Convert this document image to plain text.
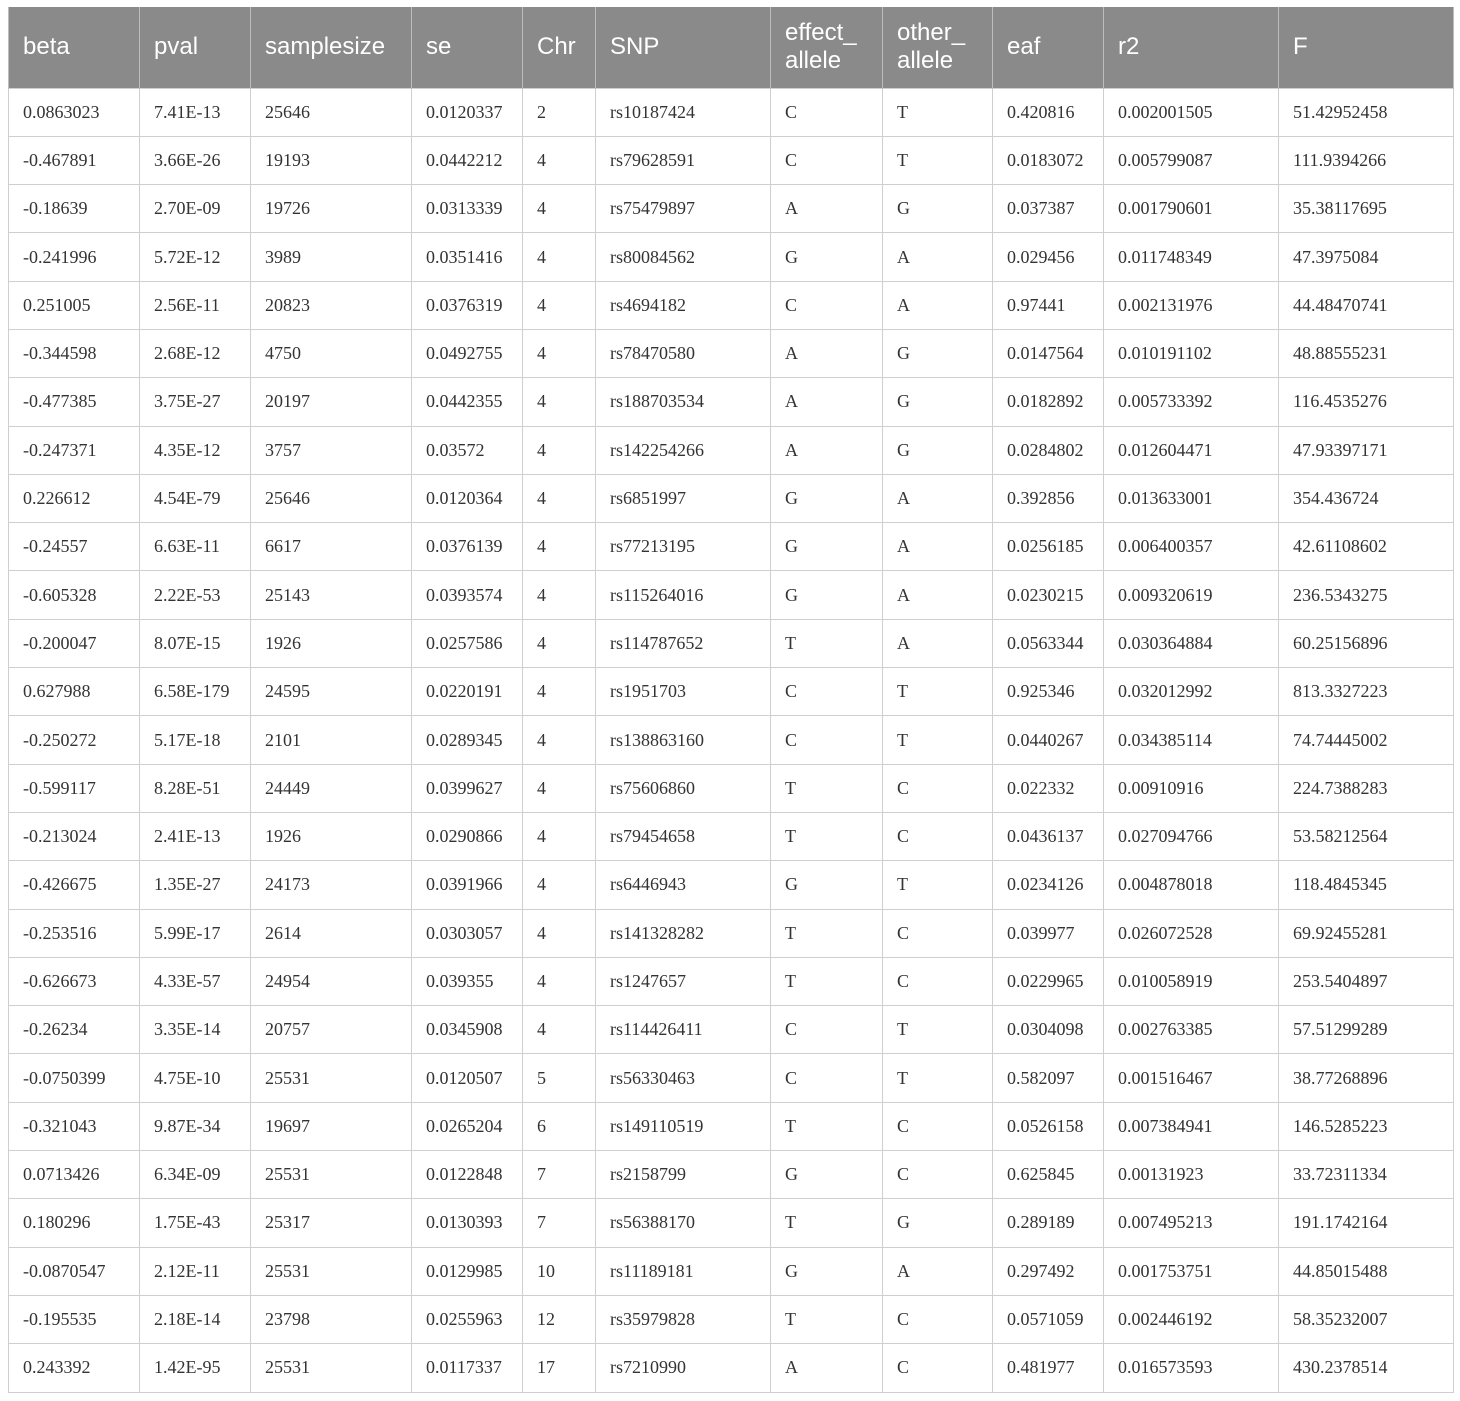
beta	pval	samplesize	se	Chr	SNP	effect_
allele	other_
allele	eaf	r2	F
0.0863023	7.41E-13	25646	0.0120337	2	rs10187424	C	T	0.420816	0.002001505	51.42952458
-0.467891	3.66E-26	19193	0.0442212	4	rs79628591	C	T	0.0183072	0.005799087	111.9394266
-0.18639	2.70E-09	19726	0.0313339	4	rs75479897	A	G	0.037387	0.001790601	35.38117695
-0.241996	5.72E-12	3989	0.0351416	4	rs80084562	G	A	0.029456	0.011748349	47.3975084
0.251005	2.56E-11	20823	0.0376319	4	rs4694182	C	A	0.97441	0.002131976	44.48470741
-0.344598	2.68E-12	4750	0.0492755	4	rs78470580	A	G	0.0147564	0.010191102	48.88555231
-0.477385	3.75E-27	20197	0.0442355	4	rs188703534	A	G	0.0182892	0.005733392	116.4535276
-0.247371	4.35E-12	3757	0.03572	4	rs142254266	A	G	0.0284802	0.012604471	47.93397171
0.226612	4.54E-79	25646	0.0120364	4	rs6851997	G	A	0.392856	0.013633001	354.436724
-0.24557	6.63E-11	6617	0.0376139	4	rs77213195	G	A	0.0256185	0.006400357	42.61108602
-0.605328	2.22E-53	25143	0.0393574	4	rs115264016	G	A	0.0230215	0.009320619	236.5343275
-0.200047	8.07E-15	1926	0.0257586	4	rs114787652	T	A	0.0563344	0.030364884	60.25156896
0.627988	6.58E-179	24595	0.0220191	4	rs1951703	C	T	0.925346	0.032012992	813.3327223
-0.250272	5.17E-18	2101	0.0289345	4	rs138863160	C	T	0.0440267	0.034385114	74.74445002
-0.599117	8.28E-51	24449	0.0399627	4	rs75606860	T	C	0.022332	0.00910916	224.7388283
-0.213024	2.41E-13	1926	0.0290866	4	rs79454658	T	C	0.0436137	0.027094766	53.58212564
-0.426675	1.35E-27	24173	0.0391966	4	rs6446943	G	T	0.0234126	0.004878018	118.4845345
-0.253516	5.99E-17	2614	0.0303057	4	rs141328282	T	C	0.039977	0.026072528	69.92455281
-0.626673	4.33E-57	24954	0.039355	4	rs1247657	T	C	0.0229965	0.010058919	253.5404897
-0.26234	3.35E-14	20757	0.0345908	4	rs114426411	C	T	0.0304098	0.002763385	57.51299289
-0.0750399	4.75E-10	25531	0.0120507	5	rs56330463	C	T	0.582097	0.001516467	38.77268896
-0.321043	9.87E-34	19697	0.0265204	6	rs149110519	T	C	0.0526158	0.007384941	146.5285223
0.0713426	6.34E-09	25531	0.0122848	7	rs2158799	G	C	0.625845	0.00131923	33.72311334
0.180296	1.75E-43	25317	0.0130393	7	rs56388170	T	G	0.289189	0.007495213	191.1742164
-0.0870547	2.12E-11	25531	0.0129985	10	rs11189181	G	A	0.297492	0.001753751	44.85015488
-0.195535	2.18E-14	23798	0.0255963	12	rs35979828	T	C	0.0571059	0.002446192	58.35232007
0.243392	1.42E-95	25531	0.0117337	17	rs7210990	A	C	0.481977	0.016573593	430.2378514
